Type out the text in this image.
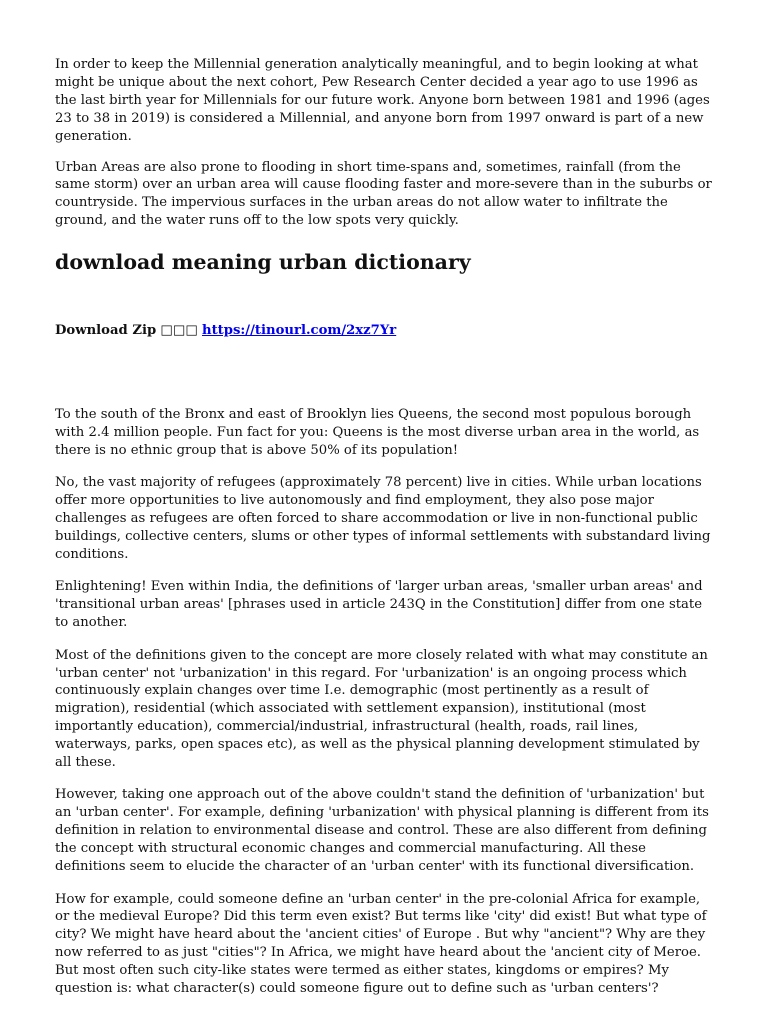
In order to keep the Millennial generation analytically meaningful, and to begin looking at what might be unique about the next cohort, Pew Research Center decided a year ago to use 1996 as the last birth year for Millennials for our future work. Anyone born between 1981 and 1996 (ages 23 to 38 in 2019) is considered a Millennial, and anyone born from 1997 onward is part of a new generation.

Urban Areas are also prone to flooding in short time-spans and, sometimes, rainfall (from the same storm) over an urban area will cause flooding faster and more-severe than in the suburbs or countryside. The impervious surfaces in the urban areas do not allow water to infiltrate the ground, and the water runs off to the low spots very quickly.

download meaning urban dictionary
Download Zip □□□ https://tinourl.com/2xz7Yr

To the south of the Bronx and east of Brooklyn lies Queens, the second most populous borough with 2.4 million people. Fun fact for you: Queens is the most diverse urban area in the world, as there is no ethnic group that is above 50% of its population!

No, the vast majority of refugees (approximately 78 percent) live in cities. While urban locations offer more opportunities to live autonomously and find employment, they also pose major challenges as refugees are often forced to share accommodation or live in non-functional public buildings, collective centers, slums or other types of informal settlements with substandard living conditions.

Enlightening! Even within India, the definitions of 'larger urban areas, 'smaller urban areas' and 'transitional urban areas' [phrases used in article 243Q in the Constitution] differ from one state to another.

Most of the definitions given to the concept are more closely related with what may constitute an 'urban center' not 'urbanization' in this regard. For 'urbanization' is an ongoing process which continuously explain changes over time I.e. demographic (most pertinently as a result of migration), residential (which associated with settlement expansion), institutional (most importantly education), commercial/industrial, infrastructural (health, roads, rail lines, waterways, parks, open spaces etc), as well as the physical planning development stimulated by all these.

However, taking one approach out of the above couldn't stand the definition of 'urbanization' but an 'urban center'. For example, defining 'urbanization' with physical planning is different from its definition in relation to environmental disease and control. These are also different from defining the concept with structural economic changes and commercial manufacturing. All these definitions seem to elucide the character of an 'urban center' with its functional diversification.

How for example, could someone define an 'urban center' in the pre-colonial Africa for example, or the medieval Europe? Did this term even exist? But terms like 'city' did exist! But what type of city? We might have heard about the 'ancient cities' of Europe . But why "ancient"? Why are they now referred to as just "cities"? In Africa, we might have heard about the 'ancient city of Meroe. But most often such city-like states were termed as either states, kingdoms or empires? My question is: what character(s) could someone figure out to define such as 'urban centers'?
